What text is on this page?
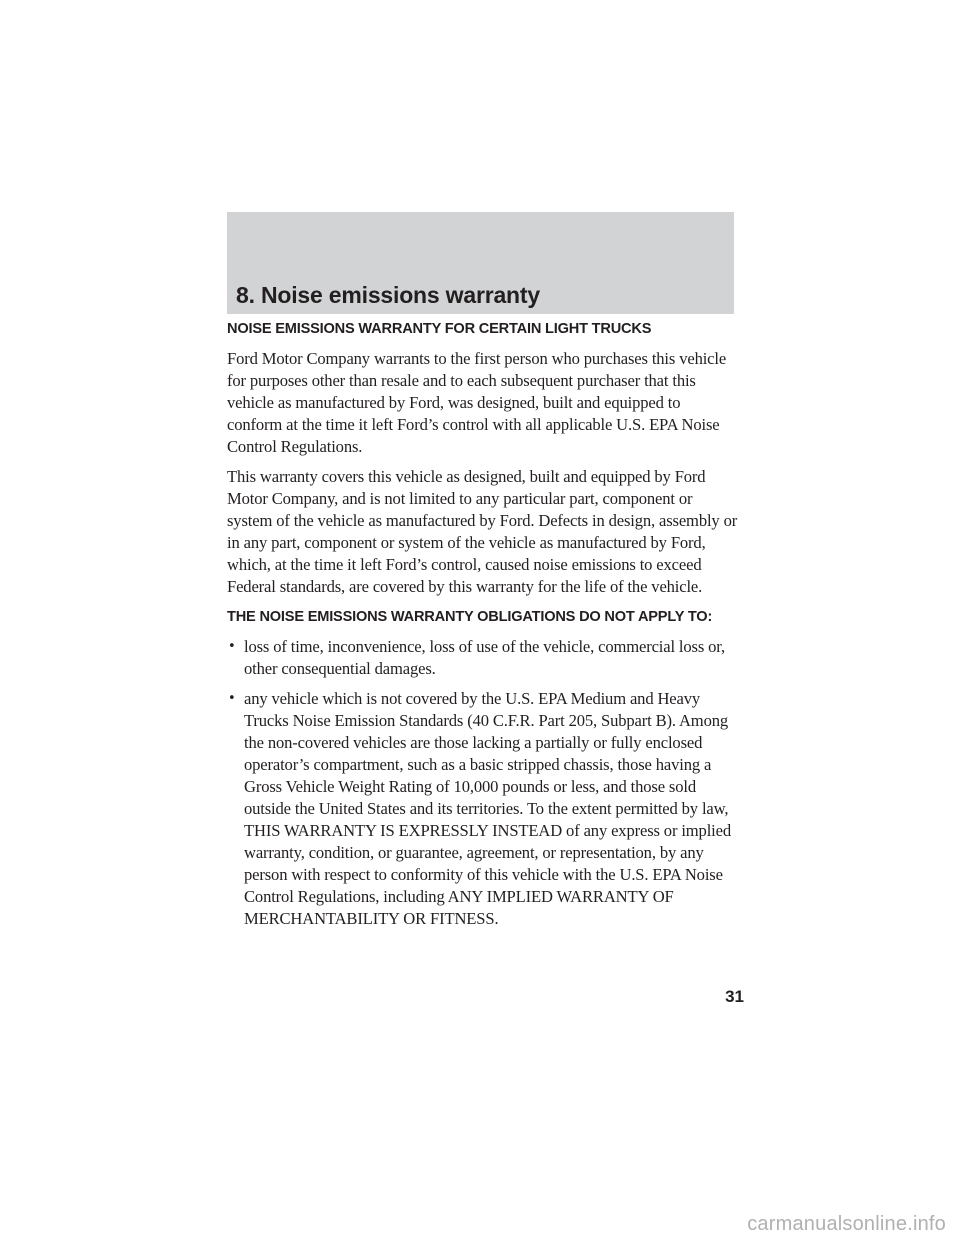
8. Noise emissions warranty
NOISE EMISSIONS WARRANTY FOR CERTAIN LIGHT TRUCKS

Ford Motor Company warrants to the first person who purchases this vehicle for purposes other than resale and to each subsequent purchaser that this vehicle as manufactured by Ford, was designed, built and equipped to conform at the time it left Ford’s control with all applicable U.S. EPA Noise Control Regulations.

This warranty covers this vehicle as designed, built and equipped by Ford Motor Company, and is not limited to any particular part, component or system of the vehicle as manufactured by Ford. Defects in design, assembly or in any part, component or system of the vehicle as manufactured by Ford, which, at the time it left Ford’s control, caused noise emissions to exceed Federal standards, are covered by this warranty for the life of the vehicle.

THE NOISE EMISSIONS WARRANTY OBLIGATIONS DO NOT APPLY TO:
• loss of time, inconvenience, loss of use of the vehicle, commercial loss or, other consequential damages.
• any vehicle which is not covered by the U.S. EPA Medium and Heavy Trucks Noise Emission Standards (40 C.F.R. Part 205, Subpart B). Among the non-covered vehicles are those lacking a partially or fully enclosed operator’s compartment, such as a basic stripped chassis, those having a Gross Vehicle Weight Rating of 10,000 pounds or less, and those sold outside the United States and its territories. To the extent permitted by law, THIS WARRANTY IS EXPRESSLY INSTEAD of any express or implied warranty, condition, or guarantee, agreement, or representation, by any person with respect to conformity of this vehicle with the U.S. EPA Noise Control Regulations, including ANY IMPLIED WARRANTY OF MERCHANTABILITY OR FITNESS.
31
carmanualsonline.info
